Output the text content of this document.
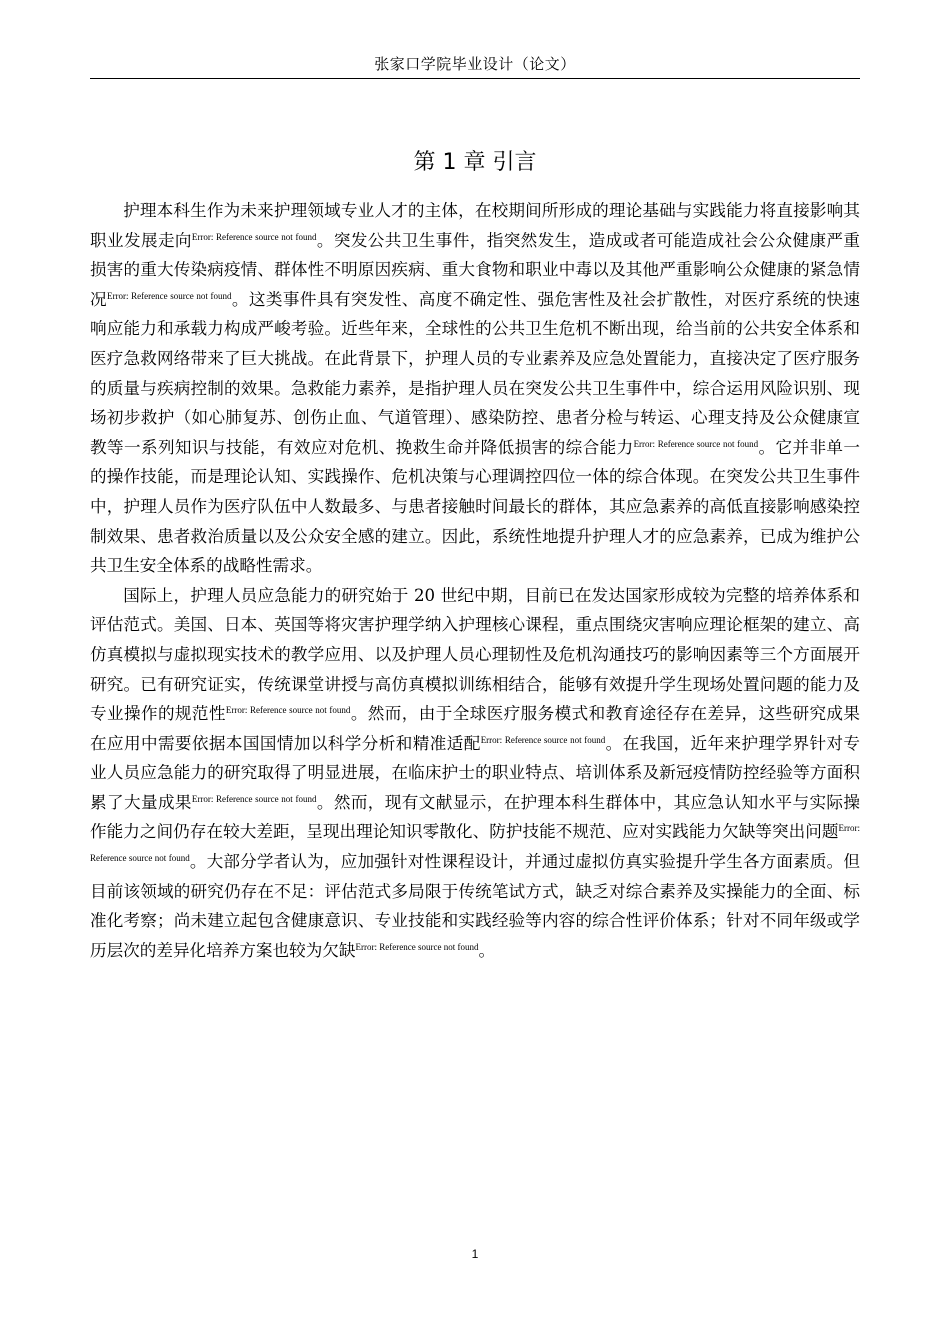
张家口学院毕业设计（论文）
第 1 章 引言

护理本科生作为未来护理领域专业人才的主体，在校期间所形成的理论基础与实践能力将直接影响其职业发展走向$^{Error: Reference source not found}$。突发公共卫生事件，指突然发生，造成或者可能造成社会公众健康严重损害的重大传染病疫情、群体性不明原因疾病、重大食物和职业中毒以及其他严重影响公众健康的紧急情况$^{Error: Reference source not found}$。这类事件具有突发性、高度不确定性、强危害性及社会扩散性，对医疗系统的快速响应能力和承载力构成严峻考验。近些年来，全球性的公共卫生危机不断出现，给当前的公共安全体系和医疗急救网络带来了巨大挑战。在此背景下，护理人员的专业素养及应急处置能力，直接决定了医疗服务的质量与疾病控制的效果。急救能力素养，是指护理人员在突发公共卫生事件中，综合运用风险识别、现场初步救护（如心肺复苏、创伤止血、气道管理）、感染防控、患者分检与转运、心理支持及公众健康宣教等一系列知识与技能，有效应对危机、挽救生命并降低损害的综合能力$^{Error: Reference source not found}$。它并非单一的操作技能，而是理论认知、实践操作、危机决策与心理调控四位一体的综合体现。在突发公共卫生事件中，护理人员作为医疗队伍中人数最多、与患者接触时间最长的群体，其应急素养的高低直接影响感染控制效果、患者救治质量以及公众安全感的建立。因此，系统性地提升护理人才的应急素养，已成为维护公共卫生安全体系的战略性需求。

国际上，护理人员应急能力的研究始于 20 世纪中期，目前已在发达国家形成较为完整的培养体系和评估范式。美国、日本、英国等将灾害护理学纳入护理核心课程，重点围绕灾害响应理论框架的建立、高仿真模拟与虚拟现实技术的教学应用、以及护理人员心理韧性及危机沟通技巧的影响因素等三个方面展开研究。已有研究证实，传统课堂讲授与高仿真模拟训练相结合，能够有效提升学生现场处置问题的能力及专业操作的规范性$^{Error: Reference source not found}$。然而，由于全球医疗服务模式和教育途径存在差异，这些研究成果在应用中需要依据本国国情加以科学分析和精准适配$^{Error: Reference source not found}$。在我国，近年来护理学界针对专业人员应急能力的研究取得了明显进展，在临床护士的职业特点、培训体系及新冠疫情防控经验等方面积累了大量成果$^{Error: Reference source not found}$。然而，现有文献显示，在护理本科生群体中，其应急认知水平与实际操作能力之间仍存在较大差距，呈现出理论知识零散化、防护技能不规范、应对实践能力欠缺等突出问题$^{Error: Reference source not found}$。大部分学者认为，应加强针对性课程设计，并通过虚拟仿真实验提升学生各方面素质。但目前该领域的研究仍存在不足：评估范式多局限于传统笔试方式，缺乏对综合素养及实操能力的全面、标准化考察；尚未建立起包含健康意识、专业技能和实践经验等内容的综合性评价体系；针对不同年级或学历层次的差异化培养方案也较为欠缺$^{Error: Reference source not found}$。

1
